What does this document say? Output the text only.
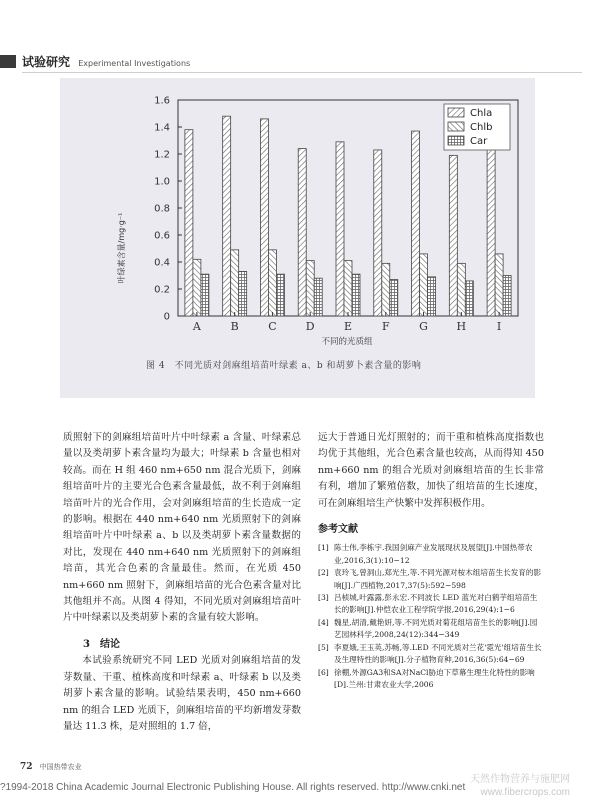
试验研究 Experimental Investigations
0
0.2
0.4
0.6
0.8
1.0
1.2
1.4
1.6
A	B	C	D	E	F	G	H	I
Chla
Chlb
Car
叶绿素含量/mg·g⁻¹
不同的光质组
图 4　不同光质对剑麻组培苗叶绿素 a、b 和胡萝卜素含量的影响

质照射下的剑麻组培苗叶片中叶绿素 a 含量、叶绿素总量以及类胡萝卜素含量均为最大；叶绿素 b 含量也相对较高。而在 H 组 460 nm+650 nm 混合光质下，剑麻组培苗叶片的主要光合色素含量最低，故不利于剑麻组培苗叶片的光合作用，会对剑麻组培苗的生长造成一定的影响。根据在 440 nm+640 nm 光质照射下的剑麻组培苗叶片中叶绿素 a、b 以及类胡萝卜素含量数据的对比，发现在 440 nm+640 nm 光质照射下的剑麻组培苗，其光合色素的含量最佳。然而，在光质 450 nm+660 nm 照射下，剑麻组培苗的光合色素含量对比其他组并不高。从图 4 得知，不同光质对剑麻组培苗叶片中叶绿素以及类胡萝卜素的含量有较大影响。

3　结论

本试验系统研究不同 LED 光质对剑麻组培苗的发芽数量、干重、植株高度和叶绿素 a、叶绿素 b 以及类胡萝卜素含量的影响。试验结果表明，450 nm+660 nm 的组合 LED 光质下，剑麻组培苗的平均新增发芽数量达 11.3 株，是对照组的 1.7 倍，

远大于普通日光灯照射的；而干重和植株高度指数也均优于其他组，光合色素含量也较高，从而得知 450 nm+660 nm 的组合光质对剑麻组培苗的生长非常有利，增加了繁殖倍数，加快了组培苗的生长速度，可在剑麻组培生产快繁中发挥积极作用。

参考文献
[1] 陈士伟,李栋宇.我国剑麻产业发展现状及展望[J].中国热带农业,2016,3(1):10−12
[2] 袁玲飞,曾洞山,郑光生,等.不同光源对桉木组培苗生长发育的影响[J].广西植物,2017,37(5):592−598
[3] 吕桢城,叶露露,彭永宏.不同波长 LED 蓝光对白鹤芋组培苗生长的影响[J].仲恺农业工程学院学报,2016,29(4):1−6
[4] 魏星,胡清,戴艳妍,等.不同光质对菊花组培苗生长的影响[J].园艺园林科学,2008,24(12):344−349
[5] 李夏娥,王玉英,苏畅,等.LED 不同光质对兰花'霓光'组培苗生长及生理特性的影响[J].分子植物育种,2016,36(5):64−69
[6] 徐棚,外源GA3和SA对NaCl胁迫下草幕生理生化特性的影响[D].兰州:甘肃农业大学,2006
72 中国热带农业
?1994-2018 China Academic Journal Electronic Publishing House. All rights reserved. http://www.cnki.net
天然作物营养与施肥网
www.fibercrops.com
